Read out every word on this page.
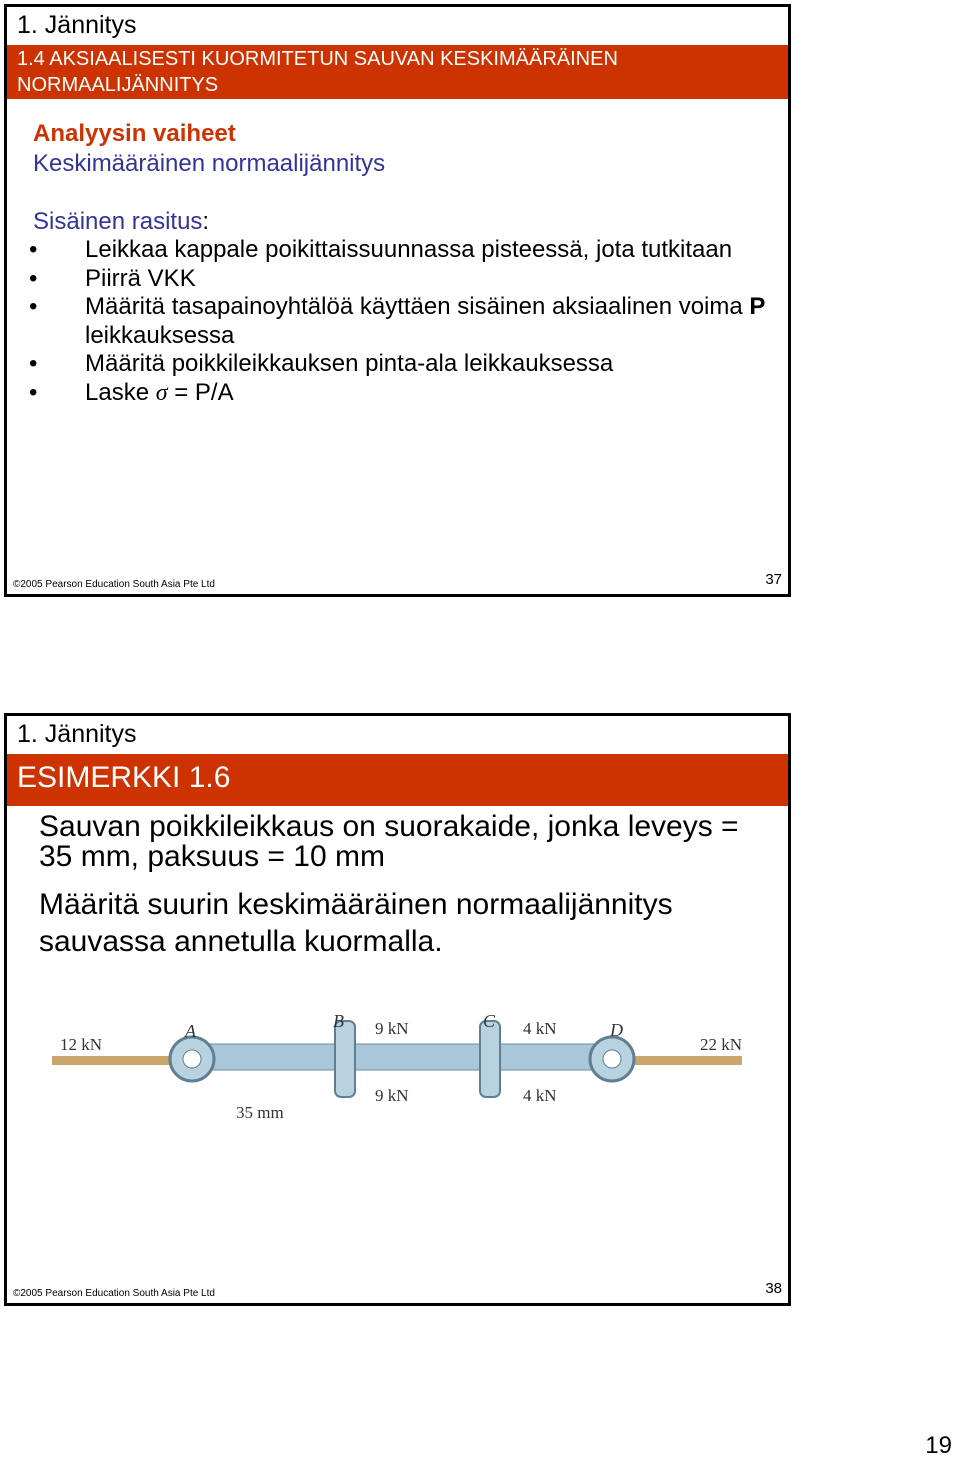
1. Jännitys
1.4 AKSIAALISESTI KUORMITETUN SAUVAN KESKIMÄÄRÄINEN NORMAALIJÄNNITYS
Analyysin vaiheet
Keskimääräinen normaalijännitys
Sisäinen rasitus:
• Leikkaa kappale poikittaissuunnassa pisteessä, jota tutkitaan
• Piirrä VKK
• Määritä tasapainoyhtälöä käyttäen sisäinen aksiaalinen voima P leikkauksessa
• Määritä poikkileikkauksen pinta-ala leikkauksessa
• Laske σ = P/A
©2005 Pearson Education South Asia Pte Ltd	37
1. Jännitys
ESIMERKKI 1.6
Sauvan poikkileikkaus on suorakaide, jonka leveys = 35 mm, paksuus = 10 mm
Määritä suurin keskimääräinen normaalijännitys sauvassa annetulla kuormalla.
12 kN	22 kN
A	B	C	D
9 kN
9 kN
4 kN
4 kN
35 mm
©2005 Pearson Education South Asia Pte Ltd	38
19
